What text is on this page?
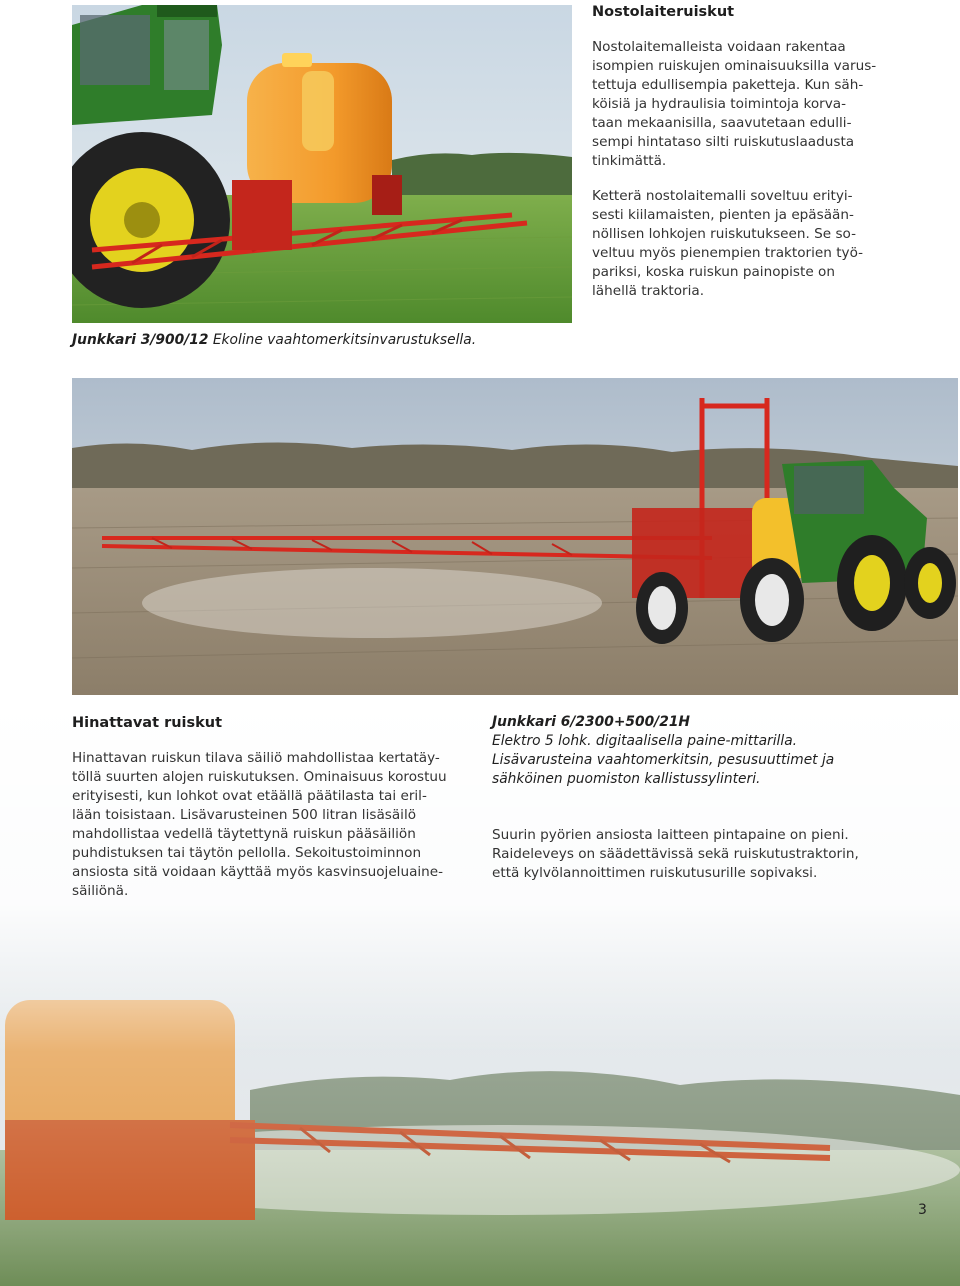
Nostolaiteruiskut

Nostolaitemalleista voidaan rakentaa
isompien ruiskujen ominaisuuksilla varus-
tettuja edullisempia paketteja. Kun säh-
köisiä ja hydraulisia toimintoja korva-
taan mekaanisilla, saavutetaan edulli-
sempi hintataso silti ruiskutuslaadusta
tinkimättä.

Ketterä nostolaitemalli soveltuu erityi-
sesti kiilamaisten, pienten ja epäsään-
nöllisen lohkojen ruiskutukseen. Se so-
veltuu myös pienempien traktorien työ-
pariksi, koska ruiskun painopiste on
lähellä traktoria.

Junkkari 3/900/12 Ekoline vaahtomerkitsinvarustuksella.

Hinattavat ruiskut

Hinattavan ruiskun tilava säiliö mahdollistaa kertatäy-
töllä suurten alojen ruiskutuksen. Ominaisuus korostuu
erityisesti, kun lohkot ovat etäällä päätilasta tai eril-
lään toisistaan. Lisävarusteinen 500 litran lisäsäilö
mahdollistaa vedellä täytettynä ruiskun pääsäiliön
puhdistuksen tai täytön pellolla. Sekoitustoiminnon
ansiosta sitä voidaan käyttää myös kasvinsuojeluaine-
säiliönä.

Junkkari 6/2300+500/21H

Elektro 5 lohk. digitaalisella paine-mittarilla.

Lisävarusteina vaahtomerkitsin, pesusuuttimet ja

sähköinen puomiston kallistussylinteri.

Suurin pyörien ansiosta laitteen pintapaine on pieni.
Raideleveys on säädettävissä sekä ruiskutustraktorin,
että kylvölannoittimen ruiskutusurille sopivaksi.

3
